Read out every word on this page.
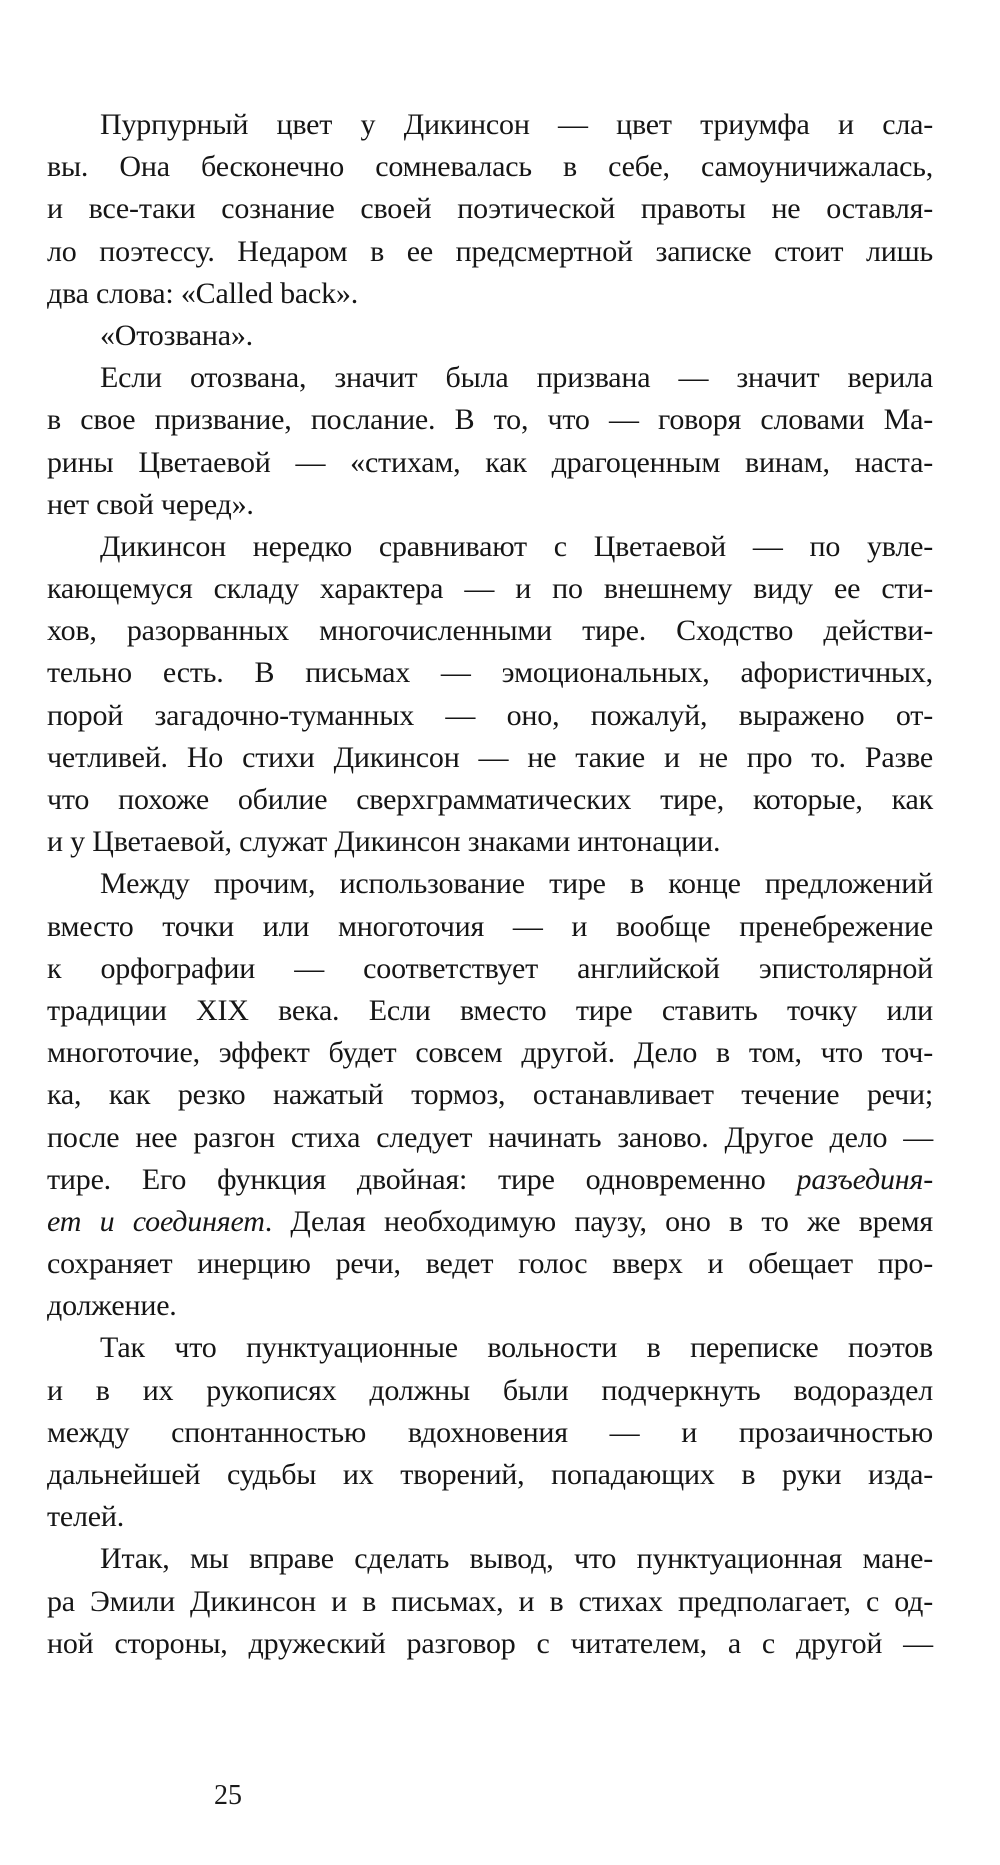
Пурпурный цвет у Дикинсон — цвет триумфа и сла-
вы. Она бесконечно сомневалась в себе, самоуничижалась,
и все-таки сознание своей поэтической правоты не оставля-
ло поэтессу. Недаром в ее предсмертной записке стоит лишь
два слова: «Called back».
«Отозвана».
Если отозвана, значит была призвана — значит верила
в свое призвание, послание. В то, что — говоря словами Ма-
рины Цветаевой — «стихам, как драгоценным винам, наста-
нет свой черед».
Дикинсон нередко сравнивают с Цветаевой — по увле-
кающемуся складу характера — и по внешнему виду ее сти-
хов, разорванных многочисленными тире. Сходство действи-
тельно есть. В письмах — эмоциональных, афористичных,
порой загадочно-туманных — оно, пожалуй, выражено от-
четливей. Но стихи Дикинсон — не такие и не про то. Разве
что похоже обилие сверхграмматических тире, которые, как
и у Цветаевой, служат Дикинсон знаками интонации.
Между прочим, использование тире в конце предложений
вместо точки или многоточия — и вообще пренебрежение
к орфографии — соответствует английской эпистолярной
традиции XIX века. Если вместо тире ставить точку или
многоточие, эффект будет совсем другой. Дело в том, что точ-
ка, как резко нажатый тормоз, останавливает течение речи;
после нее разгон стиха следует начинать заново. Другое дело —
тире. Его функция двойная: тире одновременно разъединя-
ет и соединяет. Делая необходимую паузу, оно в то же время
сохраняет инерцию речи, ведет голос вверх и обещает про-
должение.
Так что пунктуационные вольности в переписке поэтов
и в их рукописях должны были подчеркнуть водораздел
между спонтанностью вдохновения — и прозаичностью
дальнейшей судьбы их творений, попадающих в руки изда-
телей.
Итак, мы вправе сделать вывод, что пунктуационная мане-
ра Эмили Дикинсон и в письмах, и в стихах предполагает, с од-
ной стороны, дружеский разговор с читателем, а с другой —
25
